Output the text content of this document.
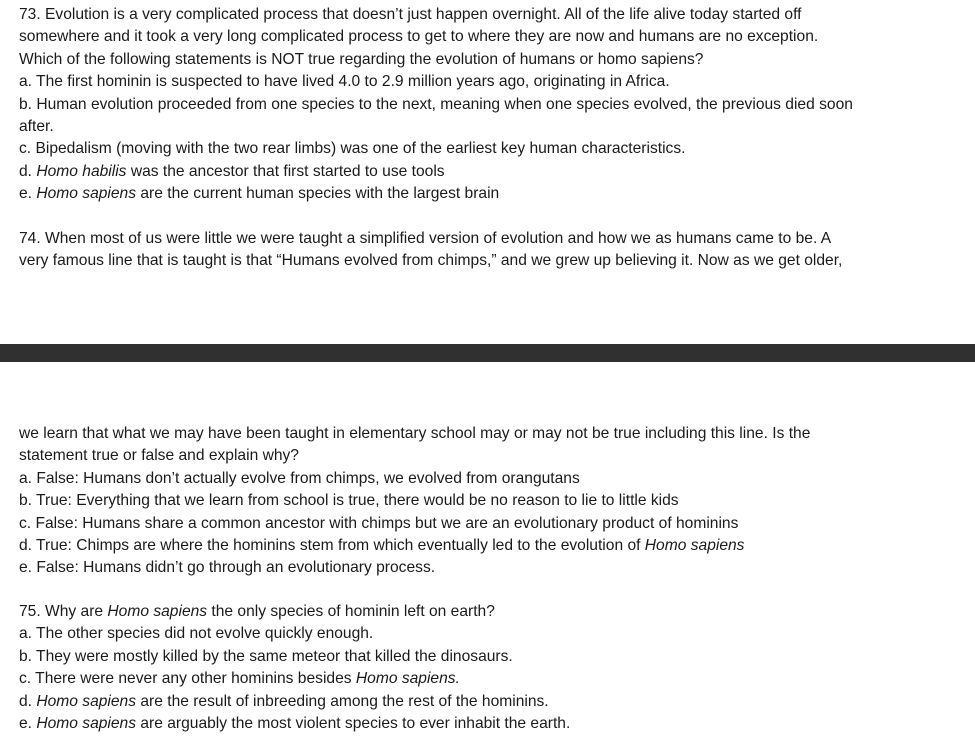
73. Evolution is a very complicated process that doesn’t just happen overnight. All of the life alive today started off
somewhere and it took a very long complicated process to get to where they are now and humans are no exception.
Which of the following statements is NOT true regarding the evolution of humans or homo sapiens?
a. The first hominin is suspected to have lived 4.0 to 2.9 million years ago, originating in Africa.
b. Human evolution proceeded from one species to the next, meaning when one species evolved, the previous died soon
after.
c. Bipedalism (moving with the two rear limbs) was one of the earliest key human characteristics.
d. Homo habilis was the ancestor that first started to use tools
e. Homo sapiens are the current human species with the largest brain
74. When most of us were little we were taught a simplified version of evolution and how we as humans came to be. A
very famous line that is taught is that “Humans evolved from chimps,” and we grew up believing it. Now as we get older,
we learn that what we may have been taught in elementary school may or may not be true including this line. Is the
statement true or false and explain why?
a. False: Humans don’t actually evolve from chimps, we evolved from orangutans
b. True: Everything that we learn from school is true, there would be no reason to lie to little kids
c. False: Humans share a common ancestor with chimps but we are an evolutionary product of hominins
d. True: Chimps are where the hominins stem from which eventually led to the evolution of Homo sapiens
e. False: Humans didn’t go through an evolutionary process.
75. Why are Homo sapiens the only species of hominin left on earth?
a. The other species did not evolve quickly enough.
b. They were mostly killed by the same meteor that killed the dinosaurs.
c. There were never any other hominins besides Homo sapiens.
d. Homo sapiens are the result of inbreeding among the rest of the hominins.
e. Homo sapiens are arguably the most violent species to ever inhabit the earth.
